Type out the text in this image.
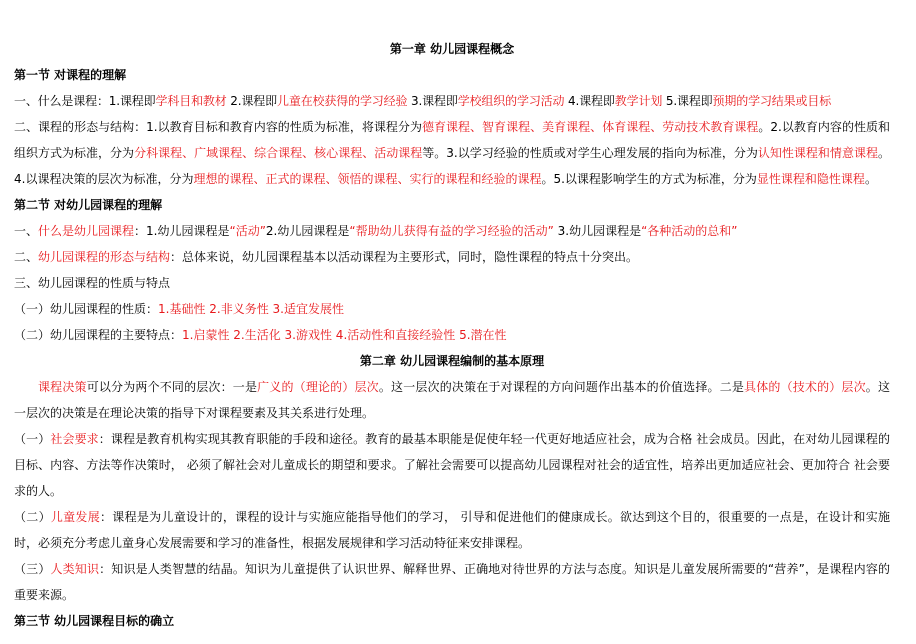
第一章 幼儿园课程概念
第一节 对课程的理解
一、什么是课程：1.课程即学科目和教材 2.课程即儿童在校获得的学习经验 3.课程即学校组织的学习活动 4.课程即教学计划 5.课程即预期的学习结果或目标
二、课程的形态与结构：1.以教育目标和教育内容的性质为标准，将课程分为德育课程、智育课程、美育课程、体育课程、劳动技术教育课程。2.以教育内容的性质和组织方式为标准，分为分科课程、广域课程、综合课程、核心课程、活动课程等。3.以学习经验的性质或对学生心理发展的指向为标准，分为认知性课程和情意课程。4.以课程决策的层次为标准，分为理想的课程、正式的课程、领悟的课程、实行的课程和经验的课程。5.以课程影响学生的方式为标准，分为显性课程和隐性课程。
第二节 对幼儿园课程的理解
一、什么是幼儿园课程：1.幼儿园课程是“活动”2.幼儿园课程是“帮助幼儿获得有益的学习经验的活动” 3.幼儿园课程是“各种活动的总和”
二、幼儿园课程的形态与结构：总体来说，幼儿园课程基本以活动课程为主要形式，同时，隐性课程的特点十分突出。
三、幼儿园课程的性质与特点
（一）幼儿园课程的性质：1.基础性 2.非义务性 3.适宜发展性
（二）幼儿园课程的主要特点：1.启蒙性 2.生活化 3.游戏性 4.活动性和直接经验性 5.潜在性
第二章 幼儿园课程编制的基本原理
课程决策可以分为两个不同的层次：一是广义的（理论的）层次。这一层次的决策在于对课程的方向问题作出基本的价值选择。二是具体的（技术的）层次。这一层次的决策是在理论决策的指导下对课程要素及其关系进行处理。
（一）社会要求：课程是教育机构实现其教育职能的手段和途径。教育的最基本职能是促使年轻一代更好地适应社会，成为合格 社会成员。因此，在对幼儿园课程的目标、内容、方法等作决策时， 必须了解社会对儿童成长的期望和要求。了解社会需要可以提高幼儿园课程对社会的适宜性，培养出更加适应社会、更加符合 社会要求的人。
（二）儿童发展：课程是为儿童设计的，课程的设计与实施应能指导他们的学习， 引导和促进他们的健康成长。欲达到这个目的，很重要的一点是，在设计和实施时，必须充分考虑儿童身心发展需要和学习的准备性，根据发展规律和学习活动特征来安排课程。
（三）人类知识：知识是人类智慧的结晶。知识为儿童提供了认识世界、解释世界、正确地对待世界的方法与态度。知识是儿童发展所需要的“营养”，是课程内容的重要来源。
第三节 幼儿园课程目标的确立
